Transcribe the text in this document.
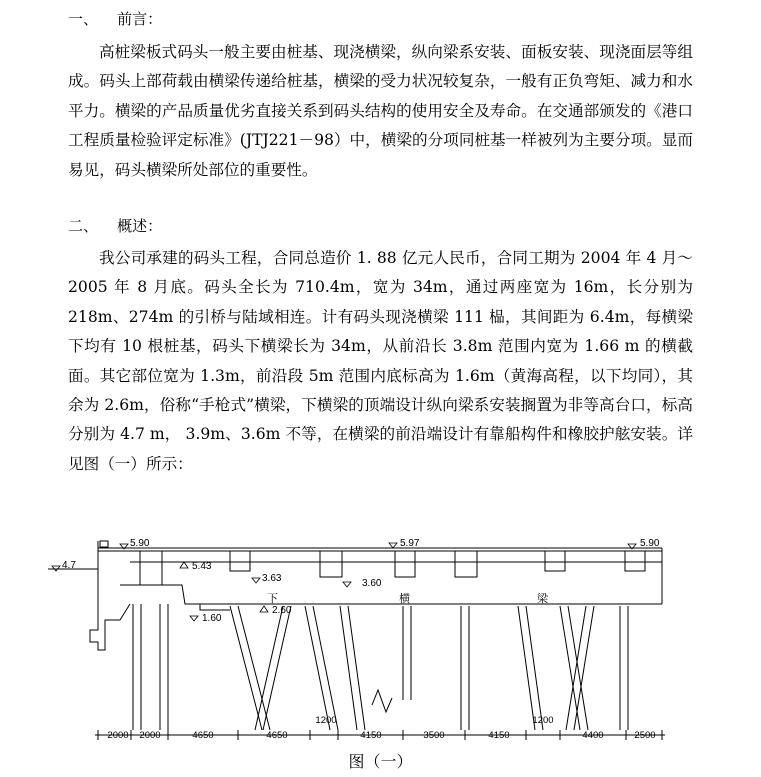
一、    前言：
高桩梁板式码头一般主要由桩基、现浇横梁，纵向梁系安装、面板安装、现浇面层等组成。码头上部荷载由横梁传递给桩基，横梁的受力状况较复杂，一般有正负弯矩、减力和水平力。横梁的产品质量优劣直接关系到码头结构的使用安全及寿命。在交通部颁发的《港口工程质量检验评定标准》(JTJ221－98）中，横梁的分项同桩基一样被列为主要分项。显而易见，码头横梁所处部位的重要性。
二、    概述：
我公司承建的码头工程，合同总造价 1. 88 亿元人民币，合同工期为 2004 年 4 月～2005 年 8 月底。码头全长为 710.4m，宽为 34m，通过两座宽为 16m，长分别为 218m、274m 的引桥与陆域相连。计有码头现浇横梁 111 榀，其间距为 6.4m，每横梁下均有 10 根桩基，码头下横梁长为 34m，从前沿长 3.8m 范围内宽为 1.66 m 的横截面。其它部位宽为 1.3m，前沿段 5m 范围内底标高为 1.6m（黄海高程，以下均同），其余为 2.6m，俗称“手枪式”横梁，下横梁的顶端设计纵向梁系安装搁置为非等高台口，标高分别为 4.7 m， 3.9m、3.6m 不等，在横梁的前沿端设计有靠船构件和橡胶护舷安装。详见图（一）所示：
5.90
4.7	5.43
3.63
2.60
1.60
5.97
3.60
5.90
下	横	梁
2000 2000	4650	4650
1200
4150	3500	4150
1200
4400	2500
图（一）
